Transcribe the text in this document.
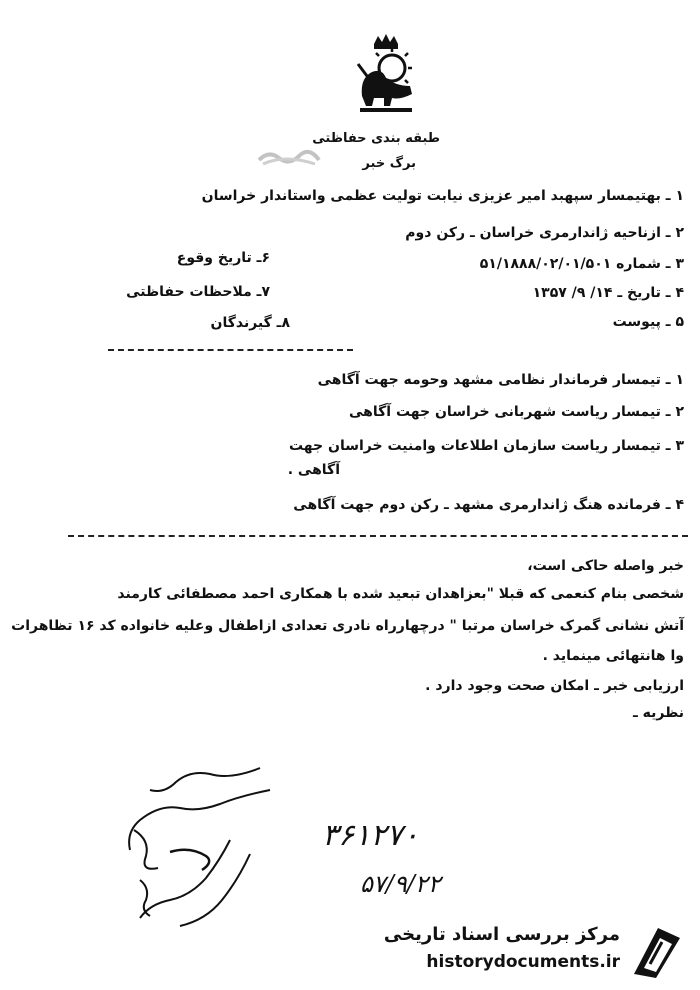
طبقه بندی حفاظتی
برگ خبر
۱ ـ بهتیمسار سپهبد امیر عزیزی نیابت تولیت عظمی واستاندار خراسان
۲ ـ ازناحیه ژاندارمری خراسان ـ رکن دوم
۳ ـ شماره ۵۱/۱۸۸۸/۰۲/۰۱/۵۰۱
۴ ـ تاریخ ـ ۱۴/ ۹/ ۱۳۵۷
۵ ـ پیوست
۶ـ تاریخ وقوع
۷ـ ملاحظات حفاظتی
۸ـ گیرندگان
۱ ـ تیمسار فرماندار نظامی مشهد وحومه جهت آگاهی
۲ ـ تیمسار ریاست شهربانی خراسان جهت آگاهی
۳ ـ تیمسار ریاست سازمان اطلاعات وامنیت خراسان جهت
آگاهی .
۴ ـ فرمانده هنگ ژاندارمری مشهد ـ رکن دوم جهت آگاهی
خبر واصله حاکی است،
شخصی بنام کنعمی که قبلا "بعزاهدان تبعید شده با همکاری احمد مصطفائی کارمند
آتش نشانی گمرک خراسان مرتبا " درچهارراه نادری تعدادی ازاطفال وعلیه خانواده کد ۱۶ تظاهرات
وا هانتهائی مینماید .
ارزیابی خبر ـ امکان صحت وجود دارد .
نظریه ـ
۳۶۱۲۷۰
۵۷/۹/۲۲
مرکز بررسی اسناد تاریخی
historydocuments.ir
